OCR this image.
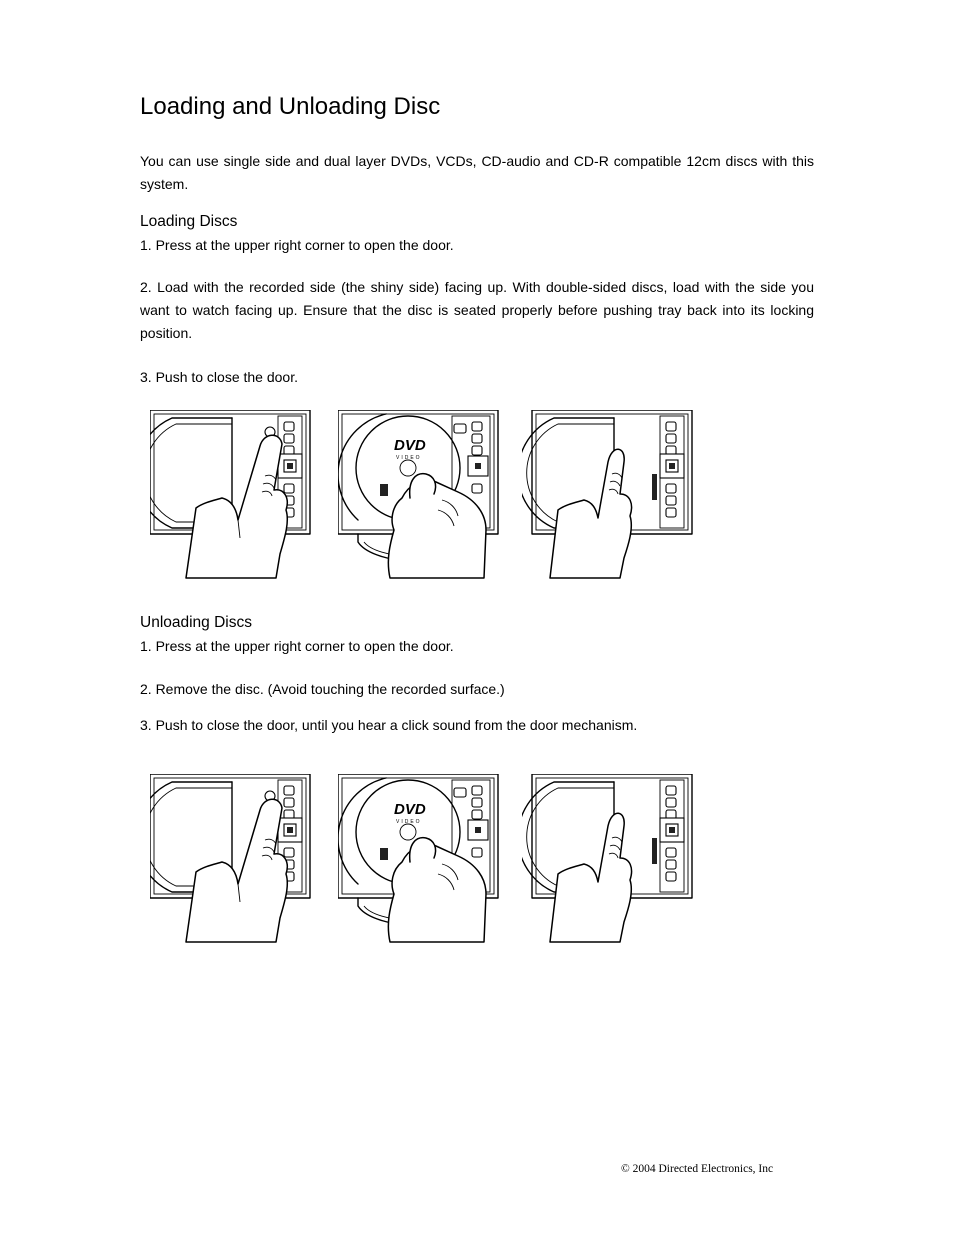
Loading and Unloading Disc

You can use single side and dual layer DVDs, VCDs, CD-audio and CD-R compatible 12cm discs with this system.

Loading Discs

1. Press at the upper right corner to open the door.

2. Load with the recorded side (the shiny side) facing up. With double-sided discs, load with the side you want to watch facing up. Ensure that the disc is seated properly before pushing tray back into its locking position.

3. Push to close the door.

DVD
VIDEO

Unloading Discs

1. Press at the upper right corner to open the door.

2. Remove the disc. (Avoid touching the recorded surface.)

3. Push to close the door, until you hear a click sound from the door mechanism.

DVD
VIDEO
© 2004 Directed Electronics, Inc
